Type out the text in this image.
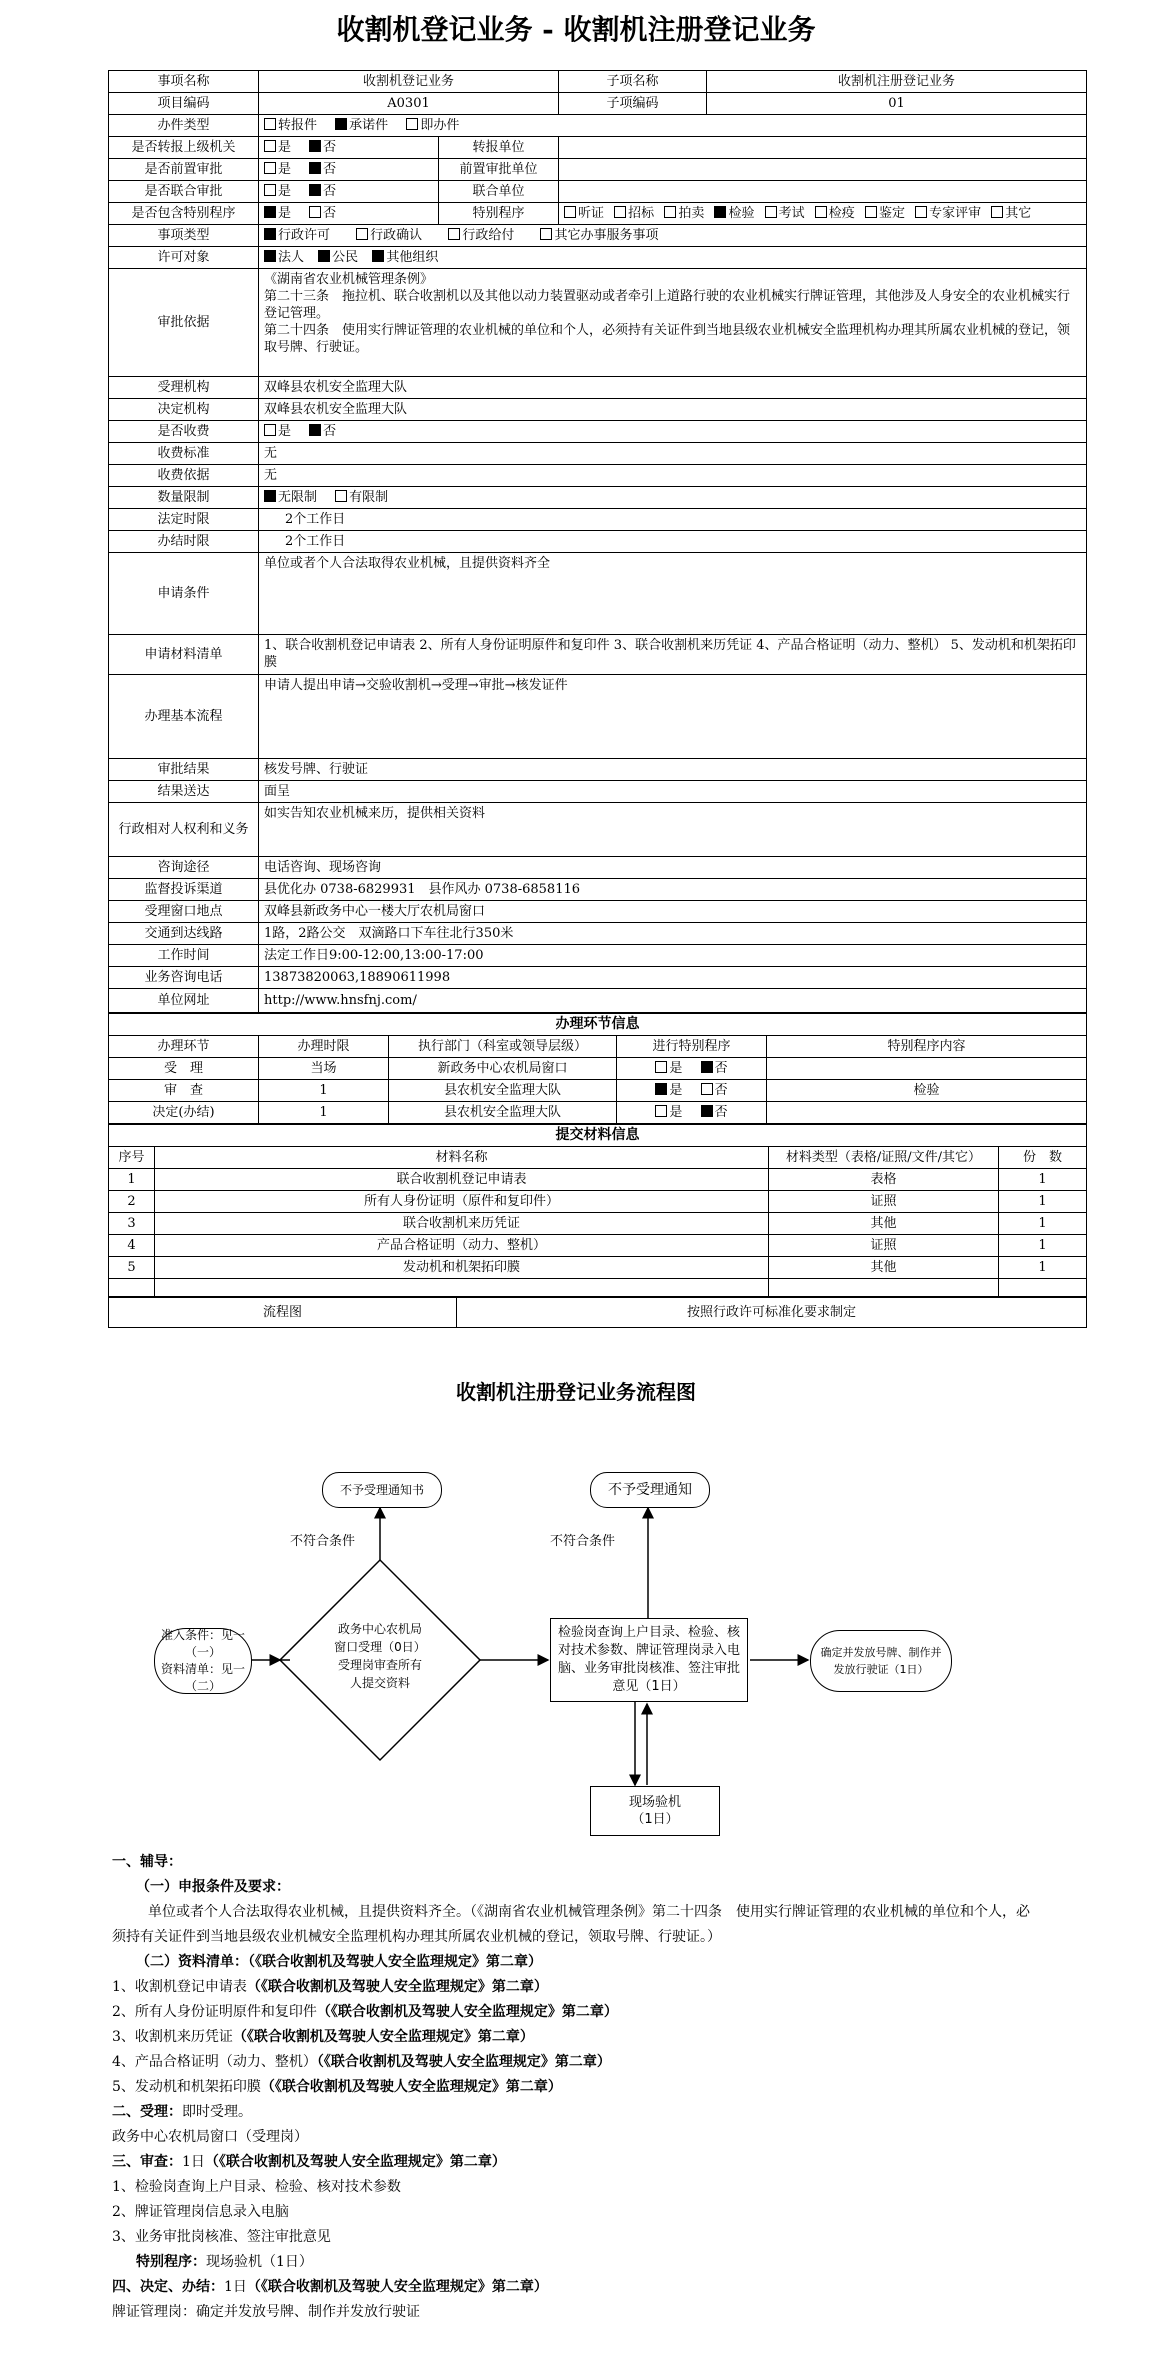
收割机登记业务 - 收割机注册登记业务
事项名称	收割机登记业务		子项名称	收割机注册登记业务
项目编码	A0301		子项编码	01
办件类型	转报件 承诺件 即办件			
是否转报上级机关	是 否	转报单位		
是否前置审批	是 否	前置审批单位		
是否联合审批	是 否	联合单位		
是否包含特别程序	是 否	特别程序	听证 招标 拍卖 检验 考试 检疫 鉴定 专家评审 其它	
事项类型	行政许可 行政确认 行政给付 其它办事服务事项			
许可对象	法人 公民 其他组织			
审批依据	《湖南省农业机械管理条例》
第二十三条　拖拉机、联合收割机以及其他以动力装置驱动或者牵引上道路行驶的农业机械实行牌证管理，其他涉及人身安全的农业机械实行登记管理。
第二十四条　使用实行牌证管理的农业机械的单位和个人，必须持有关证件到当地县级农业机械安全监理机构办理其所属农业机械的登记，领取号牌、行驶证。			

受理机构	双峰县农机安全监理大队			
决定机构	双峰县农机安全监理大队			
是否收费	是 否			
收费标准	无			
收费依据	无			
数量限制	无限制 有限制			
法定时限	2个工作日			
办结时限	2个工作日			
申请条件	单位或者个人合法取得农业机械，且提供资料齐全			
申请材料清单	1、联合收割机登记申请表 2、所有人身份证明原件和复印件 3、联合收割机来历凭证 4、产品合格证明（动力、整机） 5、发动机和机架拓印膜			
办理基本流程	申请人提出申请→交验收割机→受理→审批→核发证件			
审批结果	核发号牌、行驶证			
结果送达	面呈			
行政相对人权利和义务	如实告知农业机械来历，提供相关资料			
咨询途径	电话咨询、现场咨询			
监督投诉渠道	县优化办 0738-6829931　县作风办 0738-6858116			
受理窗口地点	双峰县新政务中心一楼大厅农机局窗口			
交通到达线路	1路，2路公交　双滴路口下车往北行350米			
工作时间	法定工作日9:00-12:00,13:00-17:00			
业务咨询电话	13873820063,18890611998			
单位网址	http://www.hnsfnj.com/			
办理环节信息				
办理环节	办理时限	执行部门（科室或领导层级）	进行特别程序	特别程序内容
受　理	当场	新政务中心农机局窗口	是 否	
审　查	1	县农机安全监理大队	是 否	检验
决定(办结)	1	县农机安全监理大队	是 否	
提交材料信息			
序号	材料名称	材料类型（表格/证照/文件/其它）	份　数
1	联合收割机登记申请表	表格	1
2	所有人身份证明（原件和复印件）	证照	1
3	联合收割机来历凭证	其他	1
4	产品合格证明（动力、整机）	证照	1
5	发动机和机架拓印膜	其他	1

流程图	按照行政许可标准化要求制定
收割机注册登记业务流程图
准入条件：见一（一）
资料清单：见一（二）
政务中心农机局
窗口受理（0日）
受理岗审查所有
人提交资料
不予受理通知书	不予受理通知
不符合条件	不符合条件
检验岗查询上户目录、检验、核对技术参数、牌证管理岗录入电脑、业务审批岗核准、签注审批意见（1日）
确定并发放号牌、制作并
发放行驶证（1日）
现场验机
（1日）
一、辅导：
（一）申报条件及要求：
单位或者个人合法取得农业机械，且提供资料齐全。（《湖南省农业机械管理条例》第二十四条　使用实行牌证管理的农业机械的单位和个人，必须持有关证件到当地县级农业机械安全监理机构办理其所属农业机械的登记，领取号牌、行驶证。）
（二）资料清单：（《联合收割机及驾驶人安全监理规定》第二章）
1、收割机登记申请表（《联合收割机及驾驶人安全监理规定》第二章）
2、所有人身份证明原件和复印件（《联合收割机及驾驶人安全监理规定》第二章）
3、收割机来历凭证（《联合收割机及驾驶人安全监理规定》第二章）
4、产品合格证明（动力、整机）（《联合收割机及驾驶人安全监理规定》第二章）
5、发动机和机架拓印膜（《联合收割机及驾驶人安全监理规定》第二章）
二、受理：即时受理。
政务中心农机局窗口（受理岗）
三、审查：1日（《联合收割机及驾驶人安全监理规定》第二章）
1、检验岗查询上户目录、检验、核对技术参数
2、牌证管理岗信息录入电脑
3、业务审批岗核准、签注审批意见
特别程序：现场验机（1日）
四、决定、办结：1日（《联合收割机及驾驶人安全监理规定》第二章）
牌证管理岗：确定并发放号牌、制作并发放行驶证
